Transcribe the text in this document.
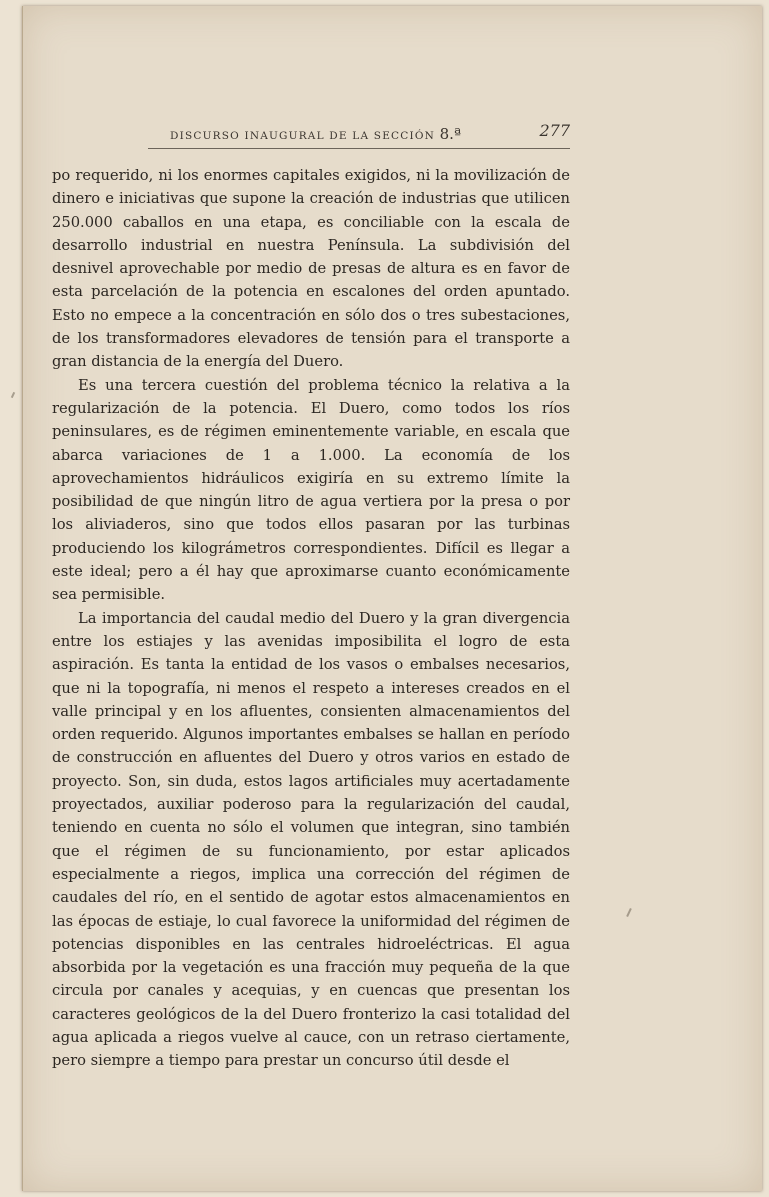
DISCURSO INAUGURAL DE LA SECCIÓN 8.ª	277

po requerido, ni los enormes capitales exigidos, ni la movilización de dinero e iniciativas que supone la creación de industrias que utilicen 250.000 caballos en una etapa, es conciliable con la escala de desarrollo industrial en nuestra Península. La subdivisión del desnivel aprovechable por medio de presas de altura es en favor de esta parcelación de la potencia en escalones del orden apuntado. Esto no empece a la concentración en sólo dos o tres subestaciones, de los transformadores elevadores de tensión para el transporte a gran distancia de la energía del Duero.

Es una tercera cuestión del problema técnico la relativa a la regularización de la potencia. El Duero, como todos los ríos peninsulares, es de régimen eminentemente variable, en escala que abarca variaciones de 1 a 1.000. La economía de los aprovechamientos hidráulicos exigiría en su extremo límite la posibilidad de que ningún litro de agua vertiera por la presa o por los aliviaderos, sino que todos ellos pasaran por las turbinas produciendo los kilográmetros correspondientes. Difícil es llegar a este ideal; pero a él hay que aproximarse cuanto económicamente sea permisible.

La importancia del caudal medio del Duero y la gran divergencia entre los estiajes y las avenidas imposibilita el logro de esta aspiración. Es tanta la entidad de los vasos o embalses necesarios, que ni la topografía, ni menos el respeto a intereses creados en el valle principal y en los afluentes, consienten almacenamientos del orden requerido. Algunos importantes embalses se hallan en período de construcción en afluentes del Duero y otros varios en estado de proyecto. Son, sin duda, estos lagos artificiales muy acertadamente proyectados, auxiliar poderoso para la regularización del caudal, teniendo en cuenta no sólo el volumen que integran, sino también que el régimen de su funcionamiento, por estar aplicados especialmente a riegos, implica una corrección del régimen de caudales del río, en el sentido de agotar estos almacenamientos en las épocas de estiaje, lo cual favorece la uniformidad del régimen de potencias disponibles en las centrales hidroeléctricas. El agua absorbida por la vegetación es una fracción muy pequeña de la que circula por canales y acequias, y en cuencas que presentan los caracteres geológicos de la del Duero fronterizo la casi totalidad del agua aplicada a riegos vuelve al cauce, con un retraso ciertamente, pero siempre a tiempo para prestar un concurso útil desde el
